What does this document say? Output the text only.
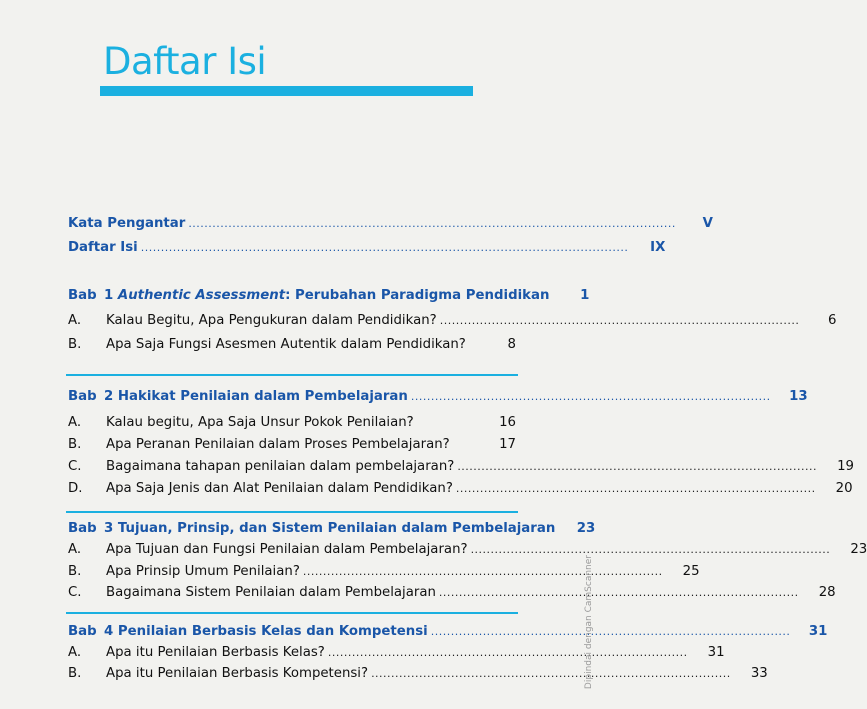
Daftar Isi
Kata Pengantar ..........................................................................................................................	V
Daftar Isi ..........................................................................................................................	IX
Bab 1 Authentic Assessment: Perubahan Paradigma Pendidikan	1
A. Kalau Begitu, Apa Pengukuran dalam Pendidikan? ..........................................................................................	6
B. Apa Saja Fungsi Asesmen Autentik dalam Pendidikan?	8
Bab 2 Hakikat Penilaian dalam Pembelajaran ..........................................................................................	13
A. Kalau begitu, Apa Saja Unsur Pokok Penilaian?	16
B. Apa Peranan Penilaian dalam Proses Pembelajaran?	17
C. Bagaimana tahapan penilaian dalam pembelajaran? ..........................................................................................	19
D. Apa Saja Jenis dan Alat Penilaian dalam Pendidikan? ..........................................................................................	20
Bab 3 Tujuan, Prinsip, dan Sistem Penilaian dalam Pembelajaran	23
A. Apa Tujuan dan Fungsi Penilaian dalam Pembelajaran? ..........................................................................................	23
B. Apa Prinsip Umum Penilaian? ..........................................................................................	25
C. Bagaimana Sistem Penilaian dalam Pembelajaran ..........................................................................................	28
Bab 4 Penilaian Berbasis Kelas dan Kompetensi ..........................................................................................	31
A. Apa itu Penilaian Berbasis Kelas? ..........................................................................................	31
B. Apa itu Penilaian Berbasis Kompetensi? ..........................................................................................	33
Dipindai dengan CamScanner
